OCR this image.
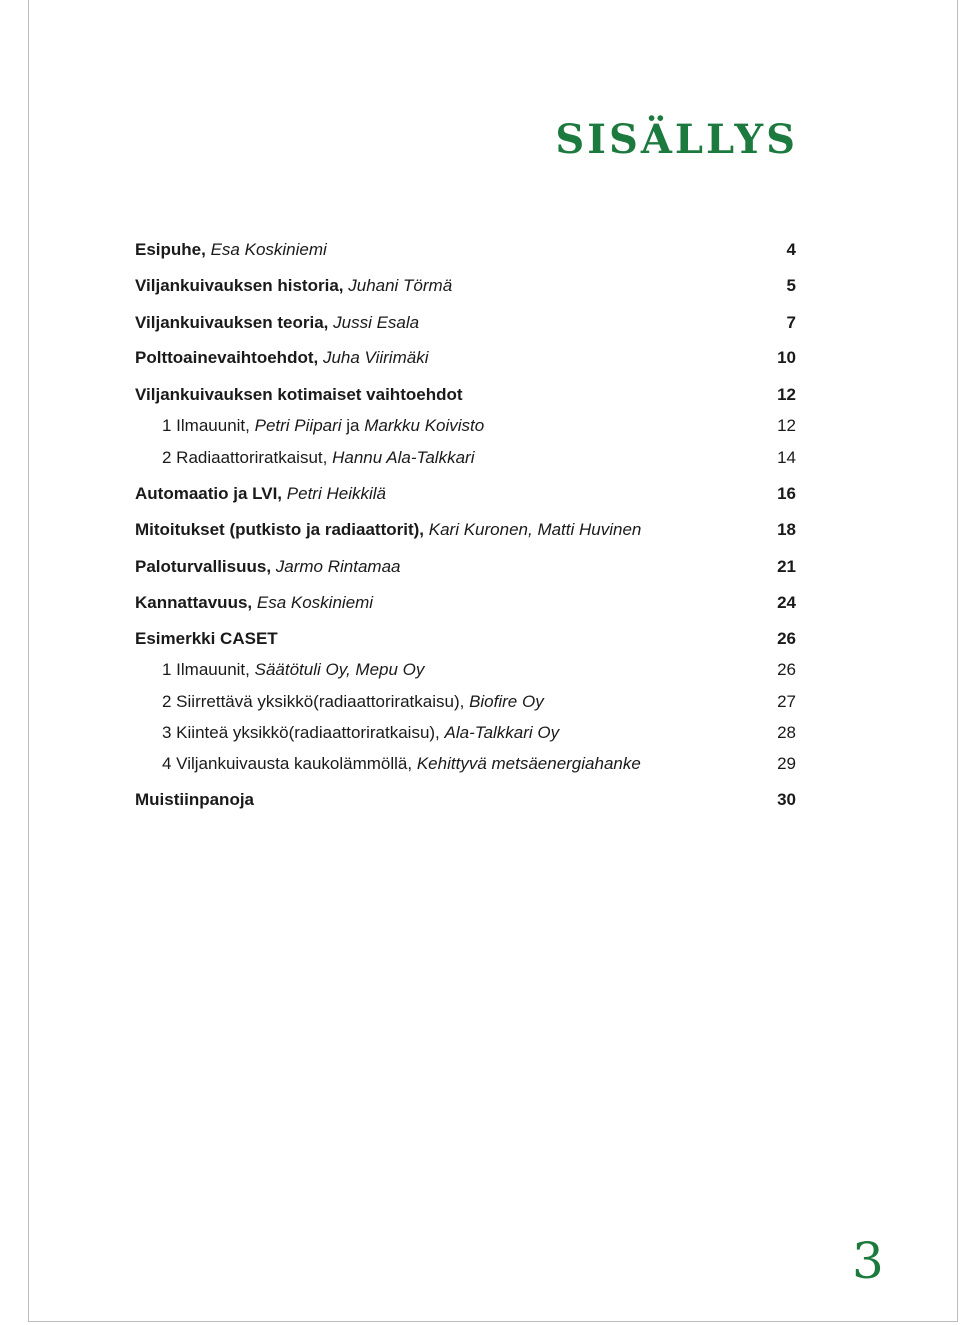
SISÄLLYS
Esipuhe, Esa Koskiniemi	4
Viljankuivauksen historia, Juhani Törmä	5
Viljankuivauksen teoria, Jussi Esala	7
Polttoainevaihtoehdot, Juha Viirimäki	10
Viljankuivauksen kotimaiset vaihtoehdot	12
1 Ilmauunit, Petri Piipari ja Markku Koivisto	12
2 Radiaattoriratkaisut, Hannu Ala-Talkkari	14
Automaatio ja LVI, Petri Heikkilä	16
Mitoitukset (putkisto ja radiaattorit), Kari Kuronen, Matti Huvinen	18
Paloturvallisuus, Jarmo Rintamaa	21
Kannattavuus, Esa Koskiniemi	24
Esimerkki CASET	26
1 Ilmauunit, Säätötuli Oy, Mepu Oy	26
2 Siirrettävä yksikkö(radiaattoriratkaisu), Biofire Oy	27
3 Kiinteä yksikkö(radiaattoriratkaisu), Ala-Talkkari Oy	28
4 Viljankuivausta kaukolämmöllä, Kehittyvä metsäenergiahanke	29
Muistiinpanoja	30
3
